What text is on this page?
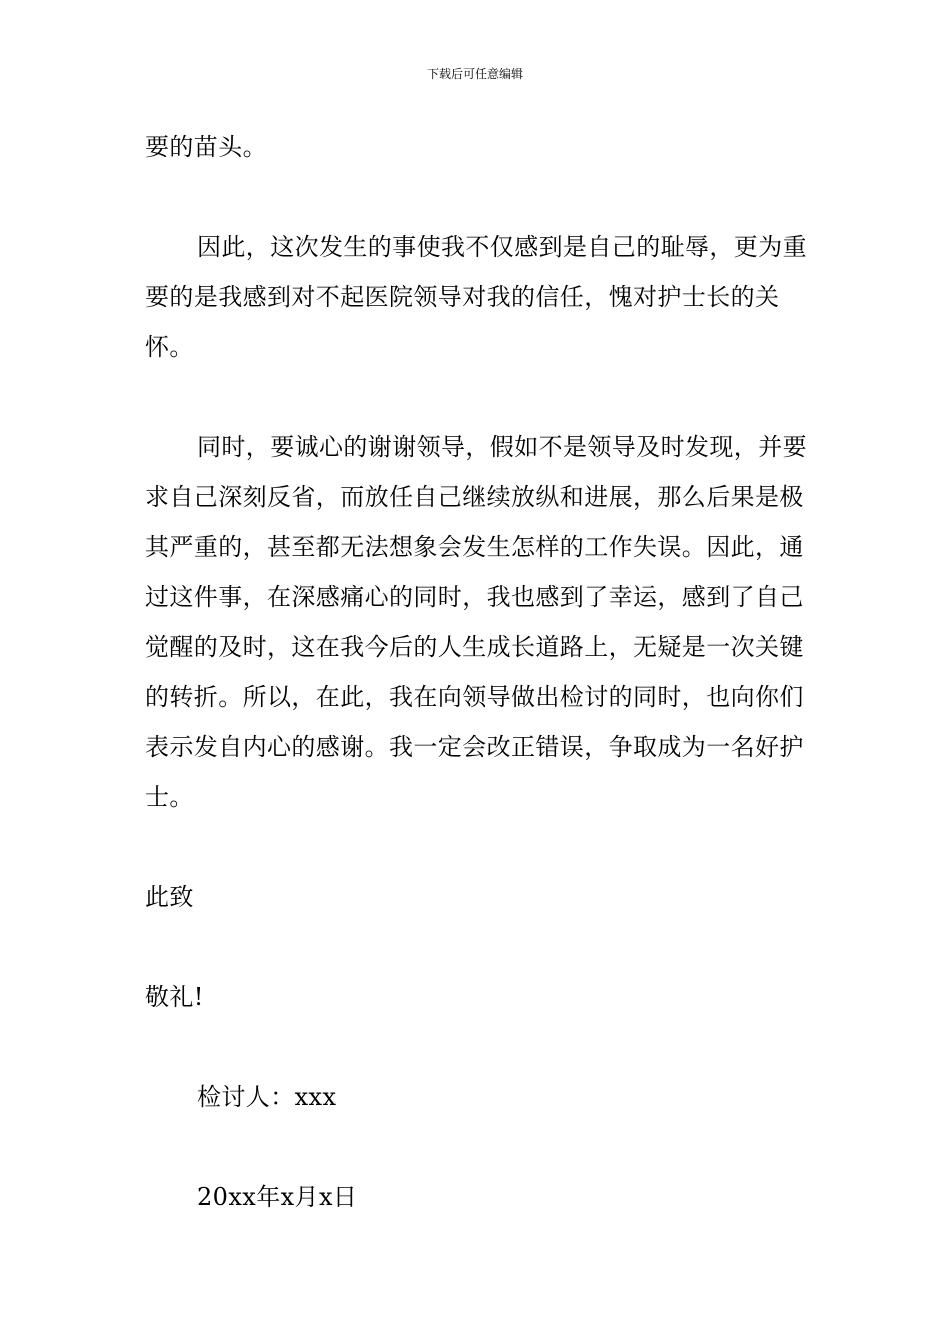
下载后可任意编辑

要的苗头。

因此，这次发生的事使我不仅感到是自己的耻辱，更为重要的是我感到对不起医院领导对我的信任，愧对护士长的关怀。

同时，要诚心的谢谢领导，假如不是领导及时发现，并要求自己深刻反省，而放任自己继续放纵和进展，那么后果是极其严重的，甚至都无法想象会发生怎样的工作失误。因此，通过这件事，在深感痛心的同时，我也感到了幸运，感到了自己觉醒的及时，这在我今后的人生成长道路上，无疑是一次关键的转折。所以，在此，我在向领导做出检讨的同时，也向你们表示发自内心的感谢。我一定会改正错误，争取成为一名好护士。

此致

敬礼!

检讨人：xxx

20xx年x月x日
